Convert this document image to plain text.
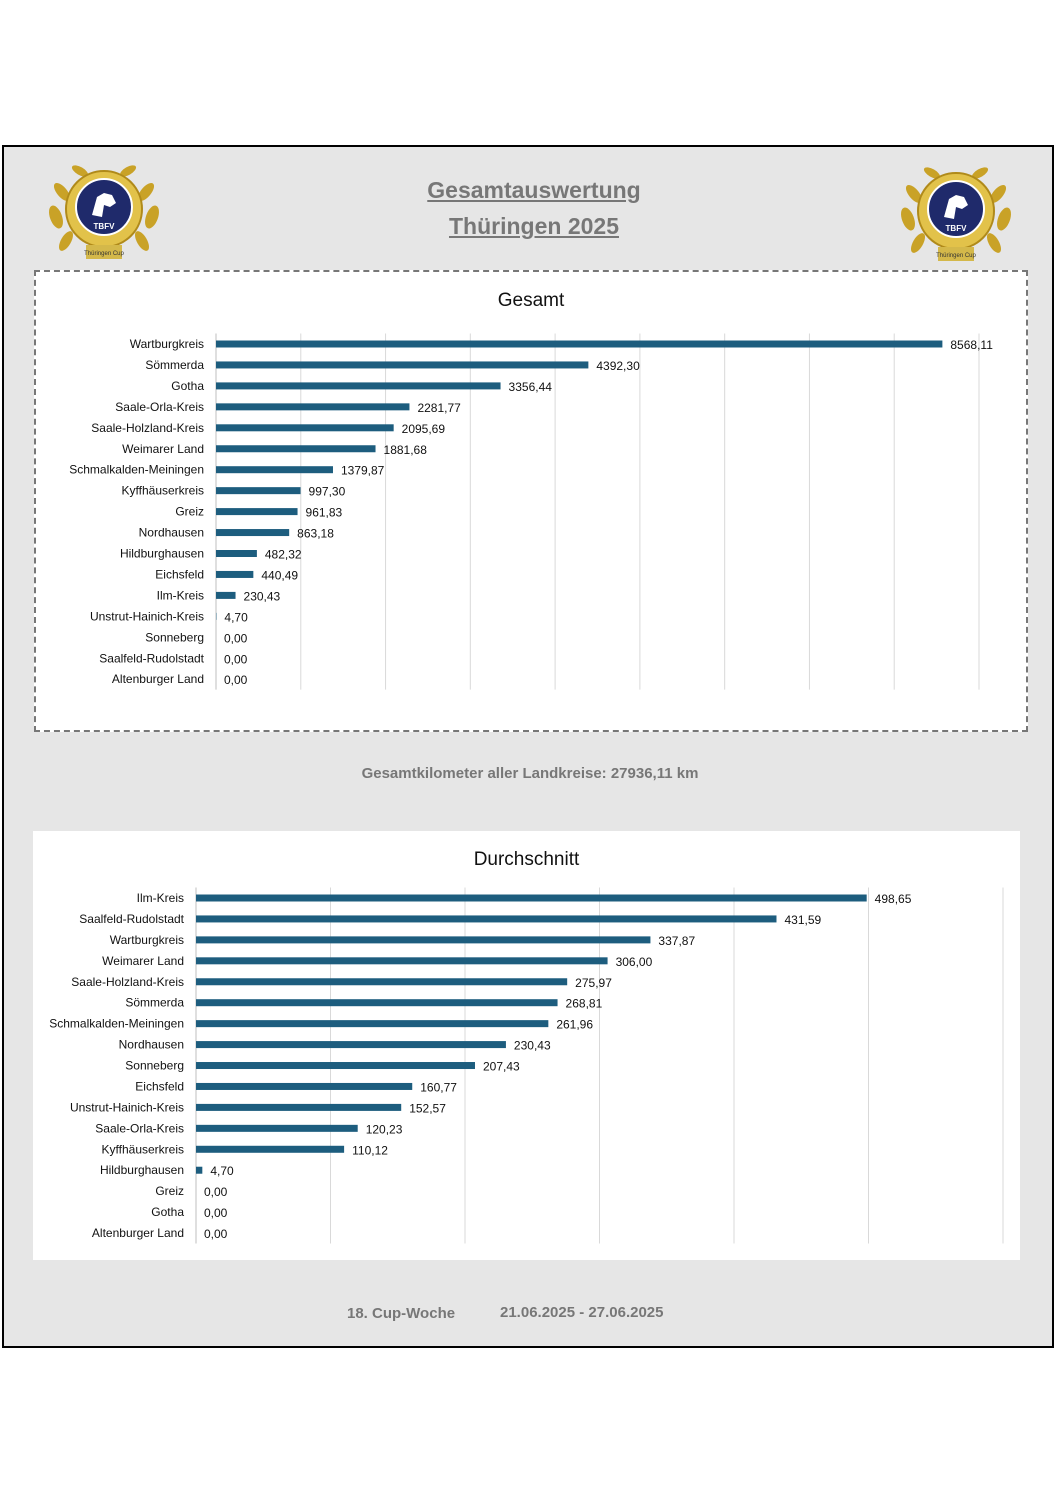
TBFV
Thüringen Cup
TBFV
Thüringen Cup
Gesamtauswertung
Thüringen 2025
Gesamt
Wartburgkreis	8568,11
Sömmerda	4392,30
Gotha	3356,44
Saale-Orla-Kreis	2281,77
Saale-Holzland-Kreis	2095,69
Weimarer Land	1881,68
Schmalkalden-Meiningen	1379,87
Kyffhäuserkreis	997,30
Greiz	961,83
Nordhausen	863,18
Hildburghausen	482,32
Eichsfeld	440,49
Ilm-Kreis	230,43
Unstrut-Hainich-Kreis 4,70
Sonneberg 0,00
Saalfeld-Rudolstadt 0,00
Altenburger Land 0,00
Gesamtkilometer aller Landkreise: 27936,11 km
Durchschnitt
Ilm-Kreis	498,65
Saalfeld-Rudolstadt	431,59
Wartburgkreis	337,87
Weimarer Land	306,00
Saale-Holzland-Kreis	275,97
Sömmerda	268,81
Schmalkalden-Meiningen	261,96
Nordhausen	230,43
Sonneberg	207,43
Eichsfeld	160,77
Unstrut-Hainich-Kreis	152,57
Saale-Orla-Kreis	120,23
Kyffhäuserkreis	110,12
Hildburghausen 4,70
Greiz 0,00
Gotha 0,00
Altenburger Land 0,00
18. Cup-Woche	21.06.2025 - 27.06.2025
